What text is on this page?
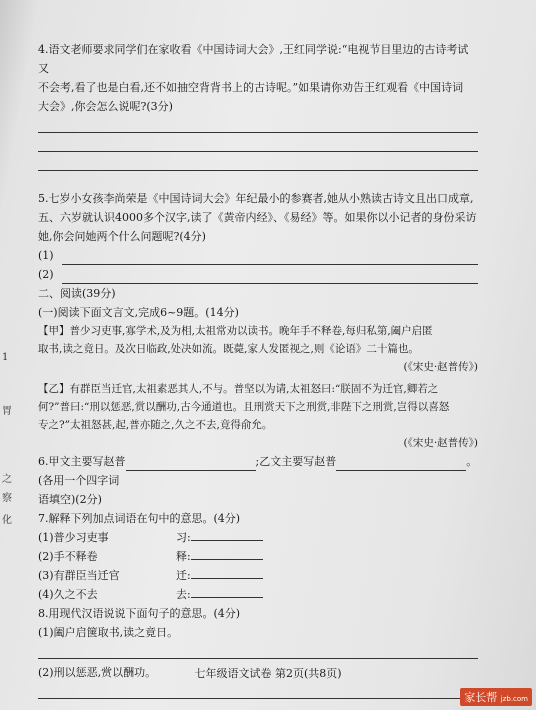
1
胃
之
察
化

4.语文老师要求同学们在家收看《中国诗词大会》,王红同学说:“电视节目里边的古诗考试又

不会考,看了也是白看,还不如抽空背背书上的古诗呢。”如果请你劝告王红观看《中国诗词

大会》,你会怎么说呢?(3分)

5.七岁小女孩李尚荣是《中国诗词大会》年纪最小的参赛者,她从小熟读古诗文且出口成章,

五、六岁就认识4000多个汉字,读了《黄帝内经》、《易经》等。如果你以小记者的身份采访

她,你会问她两个什么问题呢?(4分)

(1)
(2)

二、阅读(39分)

(一)阅读下面文言文,完成6~9题。(14分)

【甲】普少习吏事,寡学术,及为相,太祖常劝以读书。晚年手不释卷,每归私第,阖户启匿

取书,读之竟日。及次日临政,处决如流。既薨,家人发匿视之,则《论语》二十篇也。

(《宋史·赵普传》)

【乙】有群臣当迁官,太祖素恶其人,不与。普坚以为请,太祖怒曰:“朕固不为迁官,卿若之

何?”普曰:“刑以惩恶,赏以酬功,古今通道也。且刑赏天下之刑赏,非陛下之刑赏,岂得以喜怒

专之?”太祖怒甚,起,普亦随之,久之不去,竟得俞允。

(《宋史·赵普传》)

6.甲文主要写赵普	;乙文主要写赵普	。(各用一个四字词

语填空)(2分)

7.解释下列加点词语在句中的意思。(4分)

(1)普少习吏事	习:
(2)手不释卷	释:
(3)有群臣当迁官	迁:
(4)久之不去	去:

8.用现代汉语说说下面句子的意思。(4分)

(1)阖户启箧取书,读之竟日。

(2)刑以惩恶,赏以酬功。	七年级语文试卷 第2页(共8页)
家长帮 jzb.com
